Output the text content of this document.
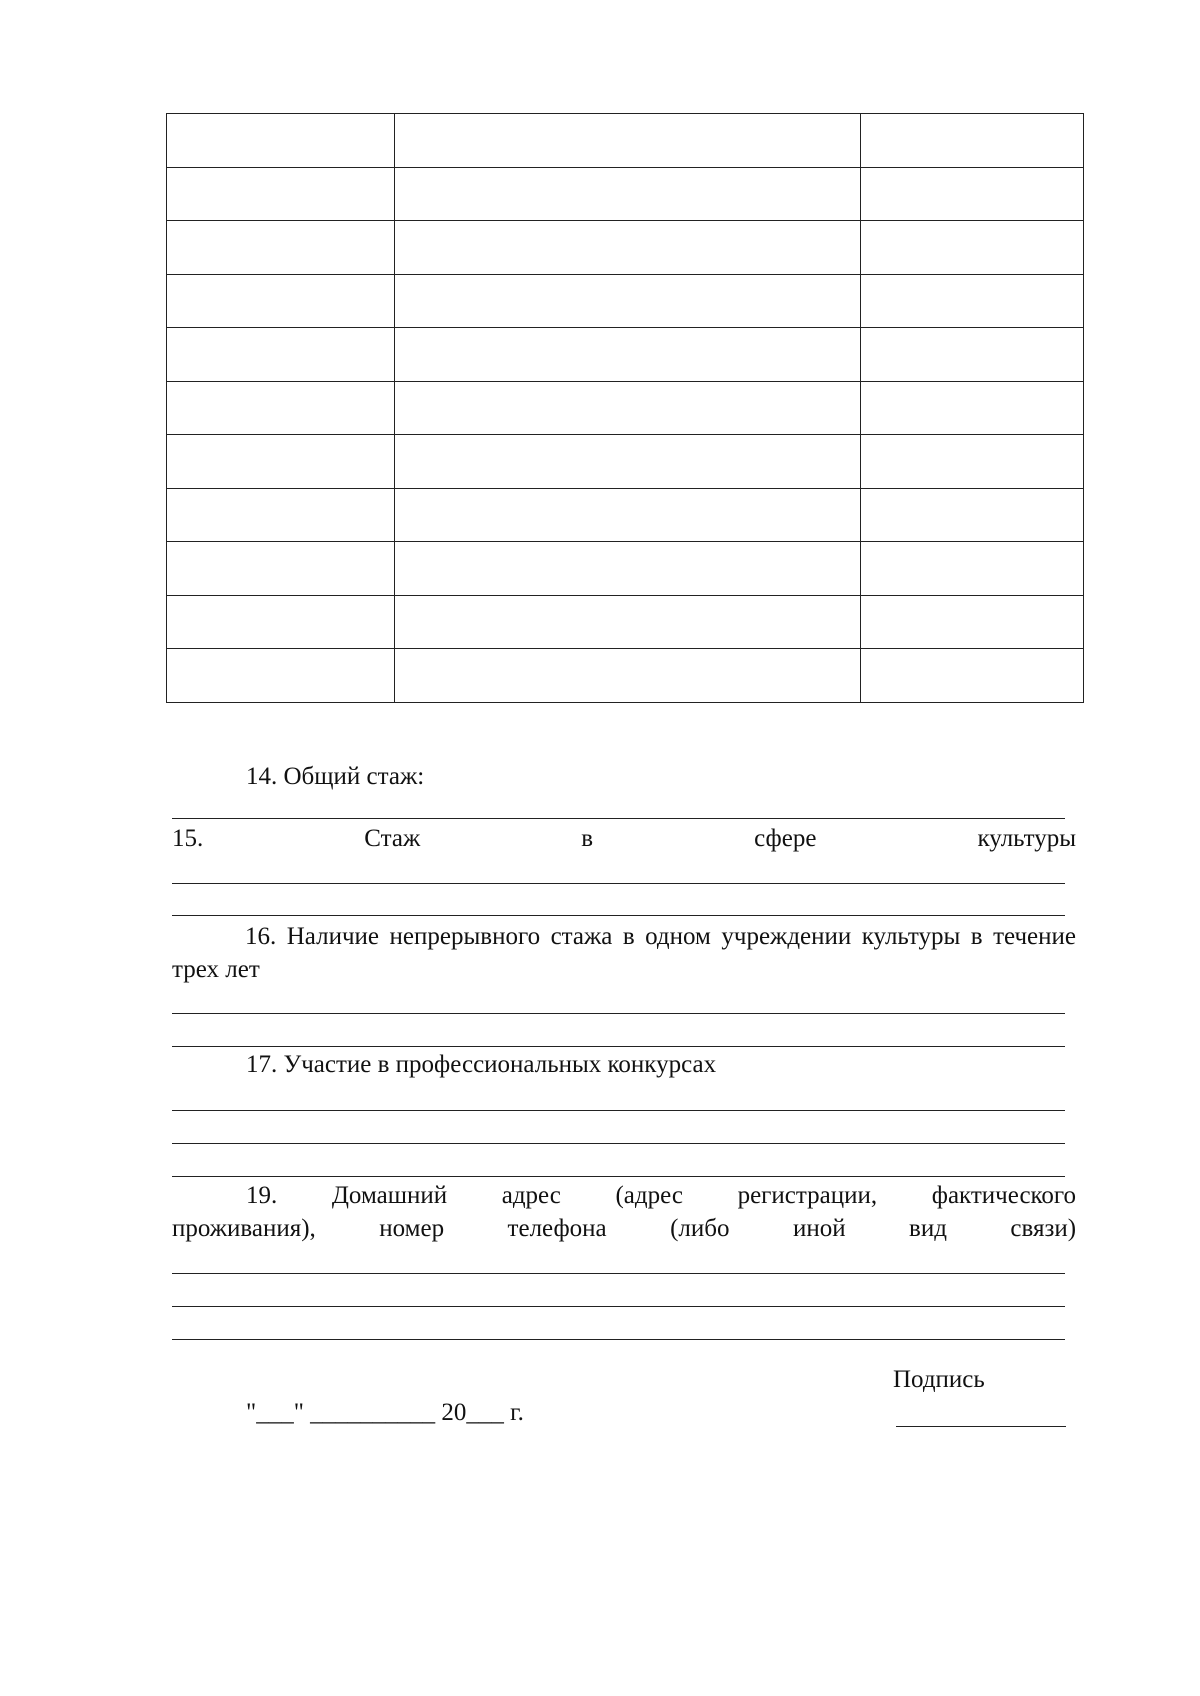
14. Общий стаж:
15.	Стаж	в	сфере	культуры
16. Наличие непрерывного стажа в одном учреждении культуры в течение трех лет
17. Участие в профессиональных конкурсах
19. Домашний адрес (адрес регистрации, фактического
проживания),	номер	телефона	(либо	иной	вид	связи)
Подпись
"___" __________ 20___ г.
